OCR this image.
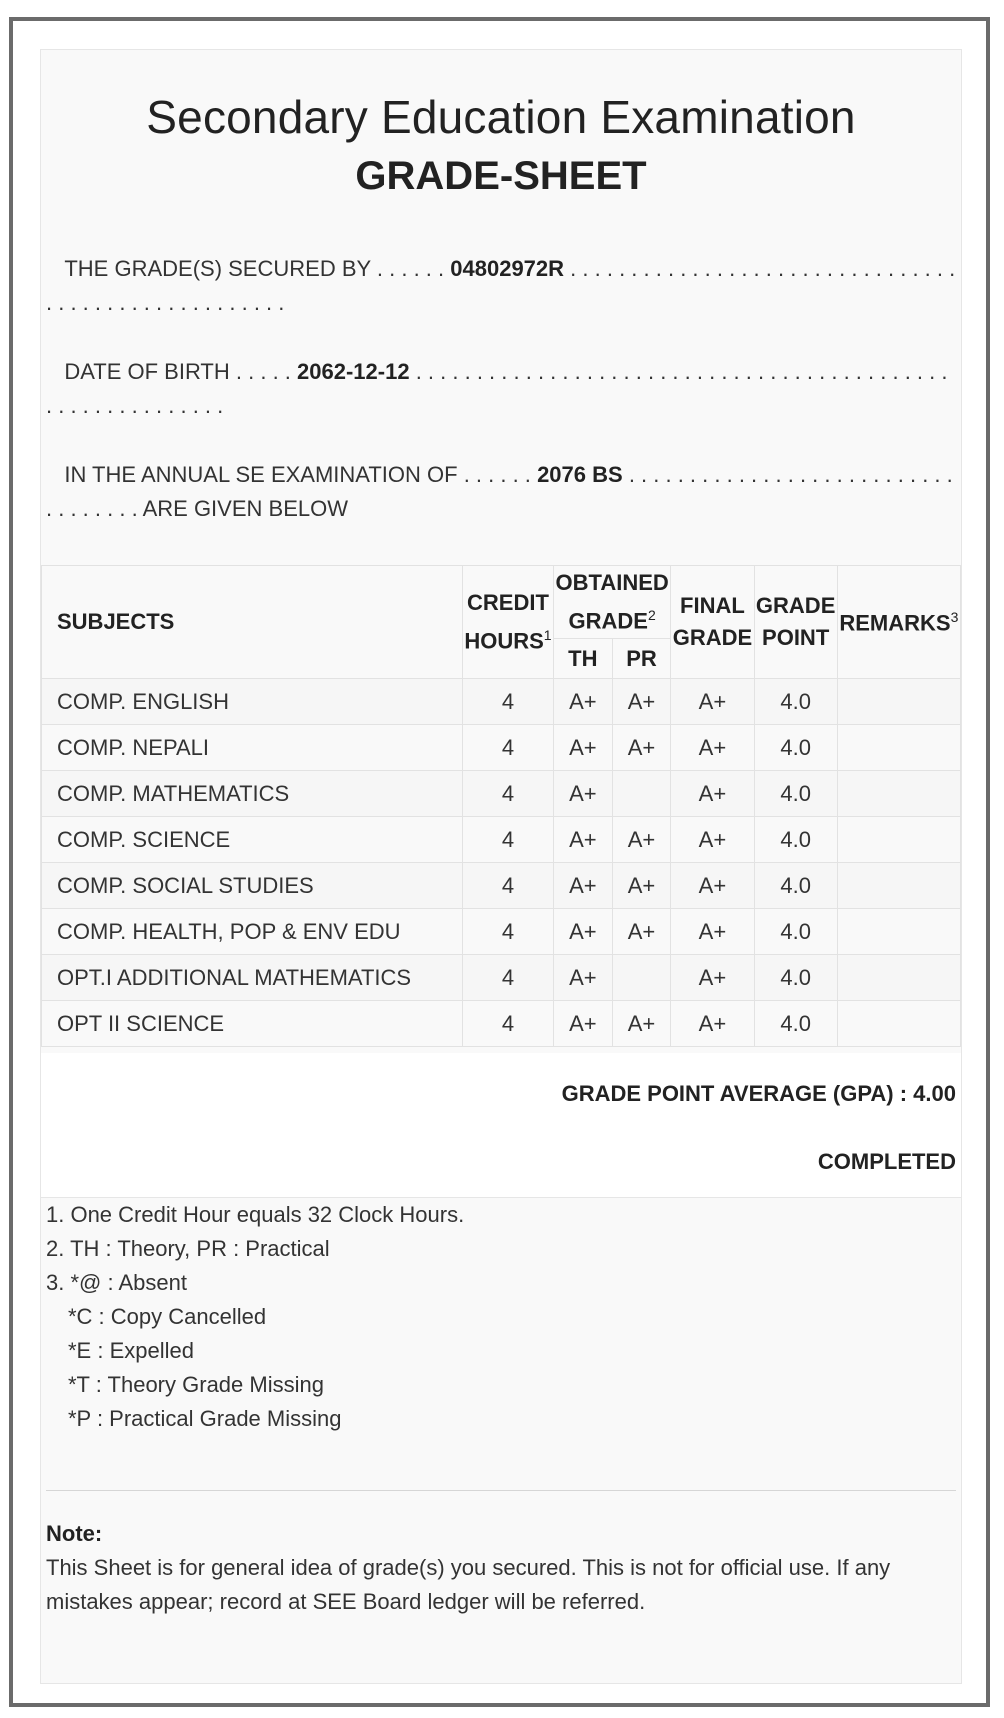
Secondary Education Examination
GRADE-SHEET
THE GRADE(S) SECURED BY . . . . . . 04802972R . . . . . . . . . . . . . . . . . . . . . . . . . . . . . . . . . . . . . . . . . . . . . . . . . . . .
DATE OF BIRTH . . . . . 2062-12-12 . . . . . . . . . . . . . . . . . . . . . . . . . . . . . . . . . . . . . . . . . . . . . . . . . . . . . . . . . . .
IN THE ANNUAL SE EXAMINATION OF . . . . . . 2076 BS . . . . . . . . . . . . . . . . . . . . . . . . . . . . . . . . . . . ARE GIVEN BELOW
SUBJECTS	CREDIT HOURS$^1$	OBTAINED GRADE$^2$		FINAL GRADE	GRADE POINT	REMARKS$^3$
		TH	PR			
COMP. ENGLISH	4	A+	A+	A+	4.0	
COMP. NEPALI	4	A+	A+	A+	4.0	
COMP. MATHEMATICS	4	A+		A+	4.0	
COMP. SCIENCE	4	A+	A+	A+	4.0	
COMP. SOCIAL STUDIES	4	A+	A+	A+	4.0	
COMP. HEALTH, POP & ENV EDU	4	A+	A+	A+	4.0	
OPT.I ADDITIONAL MATHEMATICS	4	A+		A+	4.0	
OPT II SCIENCE	4	A+	A+	A+	4.0	
GRADE POINT AVERAGE (GPA) : 4.00
COMPLETED
1. One Credit Hour equals 32 Clock Hours.
2. TH : Theory, PR : Practical
3. *@ : Absent
*C : Copy Cancelled
*E : Expelled
*T : Theory Grade Missing
*P : Practical Grade Missing
Note:
This Sheet is for general idea of grade(s) you secured. This is not for official use. If any mistakes appear; record at SEE Board ledger will be referred.
